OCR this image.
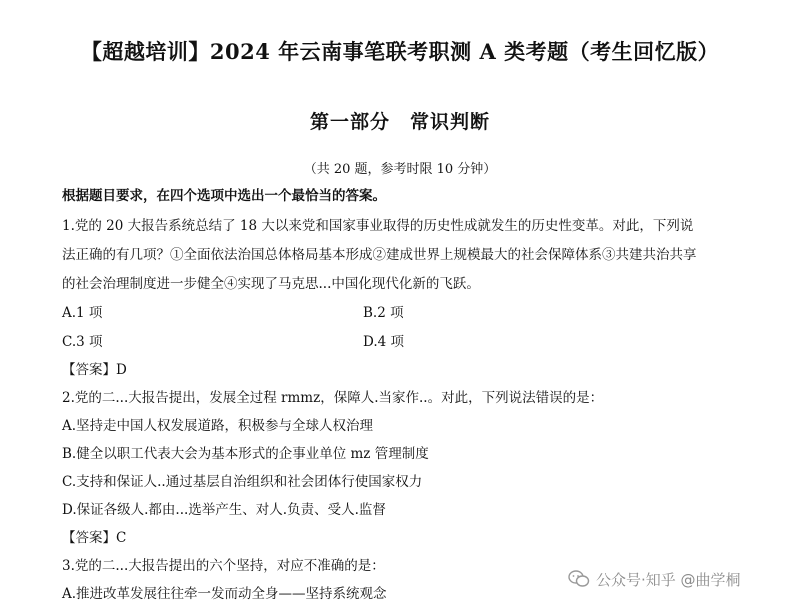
【超越培训】2024 年云南事笔联考职测 A 类考题（考生回忆版）
第一部分　常识判断
（共 20 题，参考时限 10 分钟）
根据题目要求，在四个选项中选出一个最恰当的答案。
1.党的 20 大报告系统总结了 18 大以来党和国家事业取得的历史性成就发生的历史性变革。对此，下列说
法正确的有几项？①全面依法治国总体格局基本形成②建成世界上规模最大的社会保障体系③共建共治共享
的社会治理制度进一步健全④实现了马克思...中国化现代化新的飞跃。
A.1 项	B.2 项
C.3 项	D.4 项
【答案】D
2.党的二...大报告提出，发展全过程 rmmz，保障人.当家作..。对此，下列说法错误的是：
A.坚持走中国人权发展道路，积极参与全球人权治理
B.健全以职工代表大会为基本形式的企事业单位 mz 管理制度
C.支持和保证人..通过基层自治组织和社会团体行使国家权力
D.保证各级人.都由...选举产生、对人.负责、受人.监督
【答案】C
3.党的二...大报告提出的六个坚持，对应不准确的是：
A.推进改革发展往往牵一发而动全身——坚持系统观念
公众号·知乎 @曲学桐
